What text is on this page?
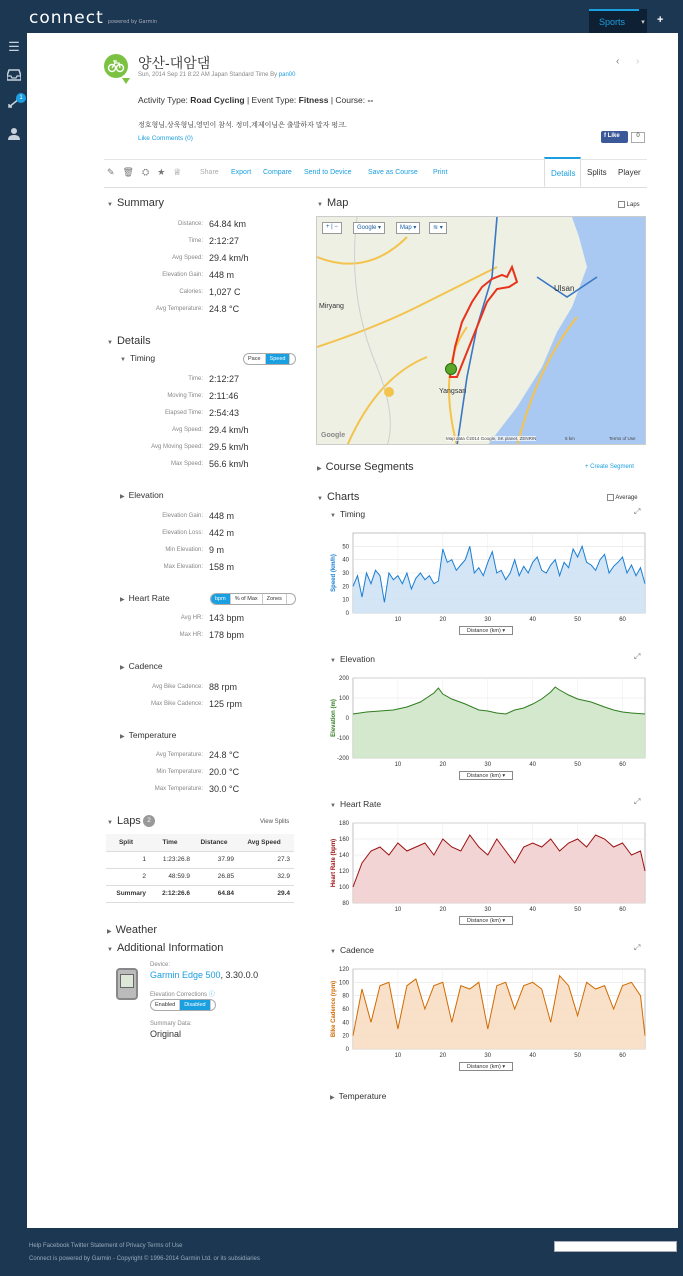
connect powered by Garmin	Sports	▾ +
☰
1
양산-대암댐
Sun, 2014 Sep 21 8:22 AM Japan Standard Time By pan00
‹ ›
Activity Type: Road Cycling | Event Type: Fitness | Course: --
정호형님,상욱형님,영민이 참석. 정미,계제이님은 출발하자 말자 펑크.
Like Comments (0)	f Like	0
✎🗑⛭★♕ Share Export Compare Send to Device Save as Course Print	Details	Splits Player
▼ Summary
Distance: 64.84 km
Time: 2:12:27
Avg Speed: 29.4 km/h
Elevation Gain: 448 m
Calories: 1,027 C
Avg Temperature: 24.8 °C
▼ Details
▼ Timing	Pace	Speed
Time: 2:12:27
Moving Time: 2:11:46
Elapsed Time: 2:54:43
Avg Speed: 29.4 km/h
Avg Moving Speed: 29.5 km/h
Max Speed: 56.6 km/h
▶ Elevation
Elevation Gain: 448 m
Elevation Loss: 442 m
Min Elevation: 9 m
Max Elevation: 158 m
▶ Heart Rate	bpm	% of Max	Zones
Avg HR: 143 bpm
Max HR: 178 bpm
▶ Cadence
Avg Bike Cadence: 88 rpm
Max Bike Cadence: 125 rpm
▶ Temperature
Avg Temperature: 24.8 °C
Min Temperature: 20.0 °C
Max Temperature: 30.0 °C
▼ Laps 2	View Splits
Split	Time	Distance	Avg Speed
1	1:23:26.8	37.99	27.3
2	48:59.9	26.85	32.9
Summary	2:12:26.6	64.84	29.4
▶ Weather
▼ Additional Information
Device:
Garmin Edge 500, 3.30.0.0
Elevation Corrections ⓘ
Enabled	Disabled
Summary Data:
Original
▼ Map	Laps
+ | −	Google ▾	Map ▾	≋ ▾
Miryang
Ulsan
Yangsan
Google	Map data ©2014 Google, SK planet, ZENRIN	5 km	Terms of Use
▶ Course Segments	+ Create Segment
▼ Charts	Average
▼ Timing	⤢
0
10
20
30
40
50
10	20	30	40	50	60
Speed (km/h)
Distance (km) ▾
▼ Elevation	⤢
-200
-100
0
100
200
10	20	30	40	50	60
Elevation (m)
Distance (km) ▾
▼ Heart Rate	⤢
80
100
120
140
160
180
10	20	30	40	50	60
Heart Rate (bpm)
Distance (km) ▾
▼ Cadence	⤢
0
20
40
60
80
100
120
10	20	30	40	50	60
Bike Cadence (rpm)
Distance (km) ▾
▶ Temperature
Help Facebook Twitter Statement of Privacy Terms of Use
Connect is powered by Garmin - Copyright © 1996-2014 Garmin Ltd. or its subsidiaries
